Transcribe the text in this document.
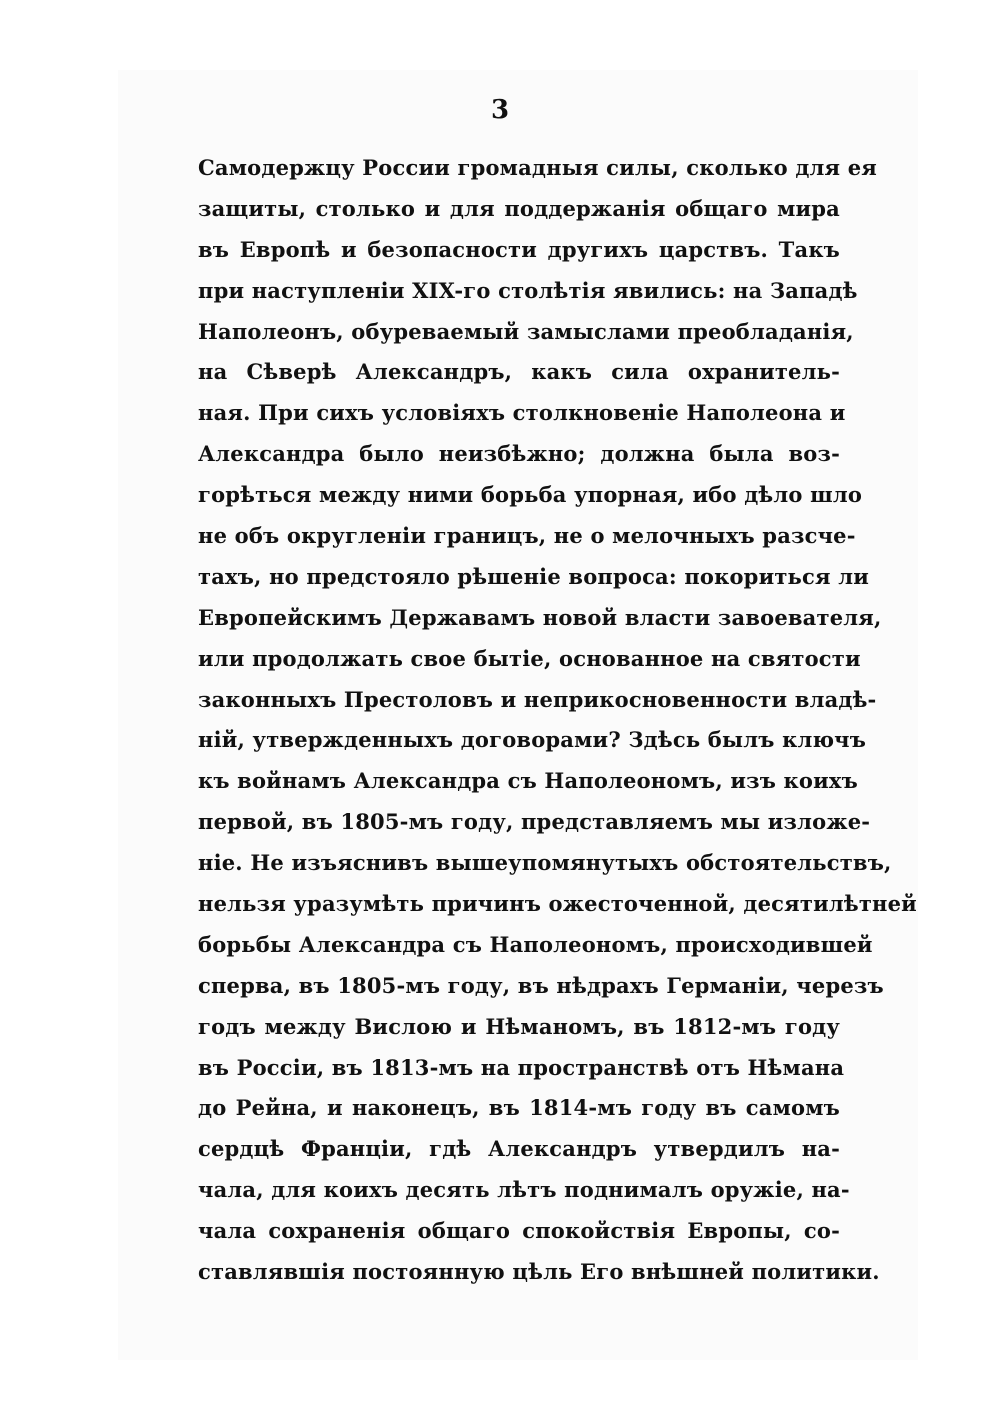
3
Самодержцу России громадныя силы, сколько для ея
защиты, столько и для поддержанія общаго мира
въ Европѣ и безопасности другихъ царствъ. Такъ
при наступленіи XIX-го столѣтія явились: на Западѣ
Наполеонъ, обуреваемый замыслами преобладанія,
на Сѣверѣ Александръ, какъ сила охранитель-
ная. При сихъ условіяхъ столкновеніе Наполеона и
Александра было неизбѣжно; должна была воз-
горѣться между ними борьба упорная, ибо дѣло шло
не объ округленіи границъ, не о мелочныхъ разсче-
тахъ, но предстояло рѣшеніе вопроса: покориться ли
Европейскимъ Державамъ новой власти завоевателя,
или продолжать свое бытіе, основанное на святости
законныхъ Престоловъ и неприкосновенности владѣ-
ній, утвержденныхъ договорами? Здѣсь былъ ключъ
къ войнамъ Александра съ Наполеономъ, изъ коихъ
первой, въ 1805-мъ году, представляемъ мы изложе-
ніе. Не изъяснивъ вышеупомянутыхъ обстоятельствъ,
нельзя уразумѣть причинъ ожесточенной, десятилѣтней
борьбы Александра съ Наполеономъ, происходившей
сперва, въ 1805-мъ году, въ нѣдрахъ Германіи, черезъ
годъ между Вислою и Нѣманомъ, въ 1812-мъ году
въ Россіи, въ 1813-мъ на пространствѣ отъ Нѣмана
до Рейна, и наконецъ, въ 1814-мъ году въ самомъ
сердцѣ Франціи, гдѣ Александръ утвердилъ на-
чала, для коихъ десять лѣтъ поднималъ оружіе, на-
чала сохраненія общаго спокойствія Европы, со-
ставлявшія постоянную цѣль Его внѣшней политики.
